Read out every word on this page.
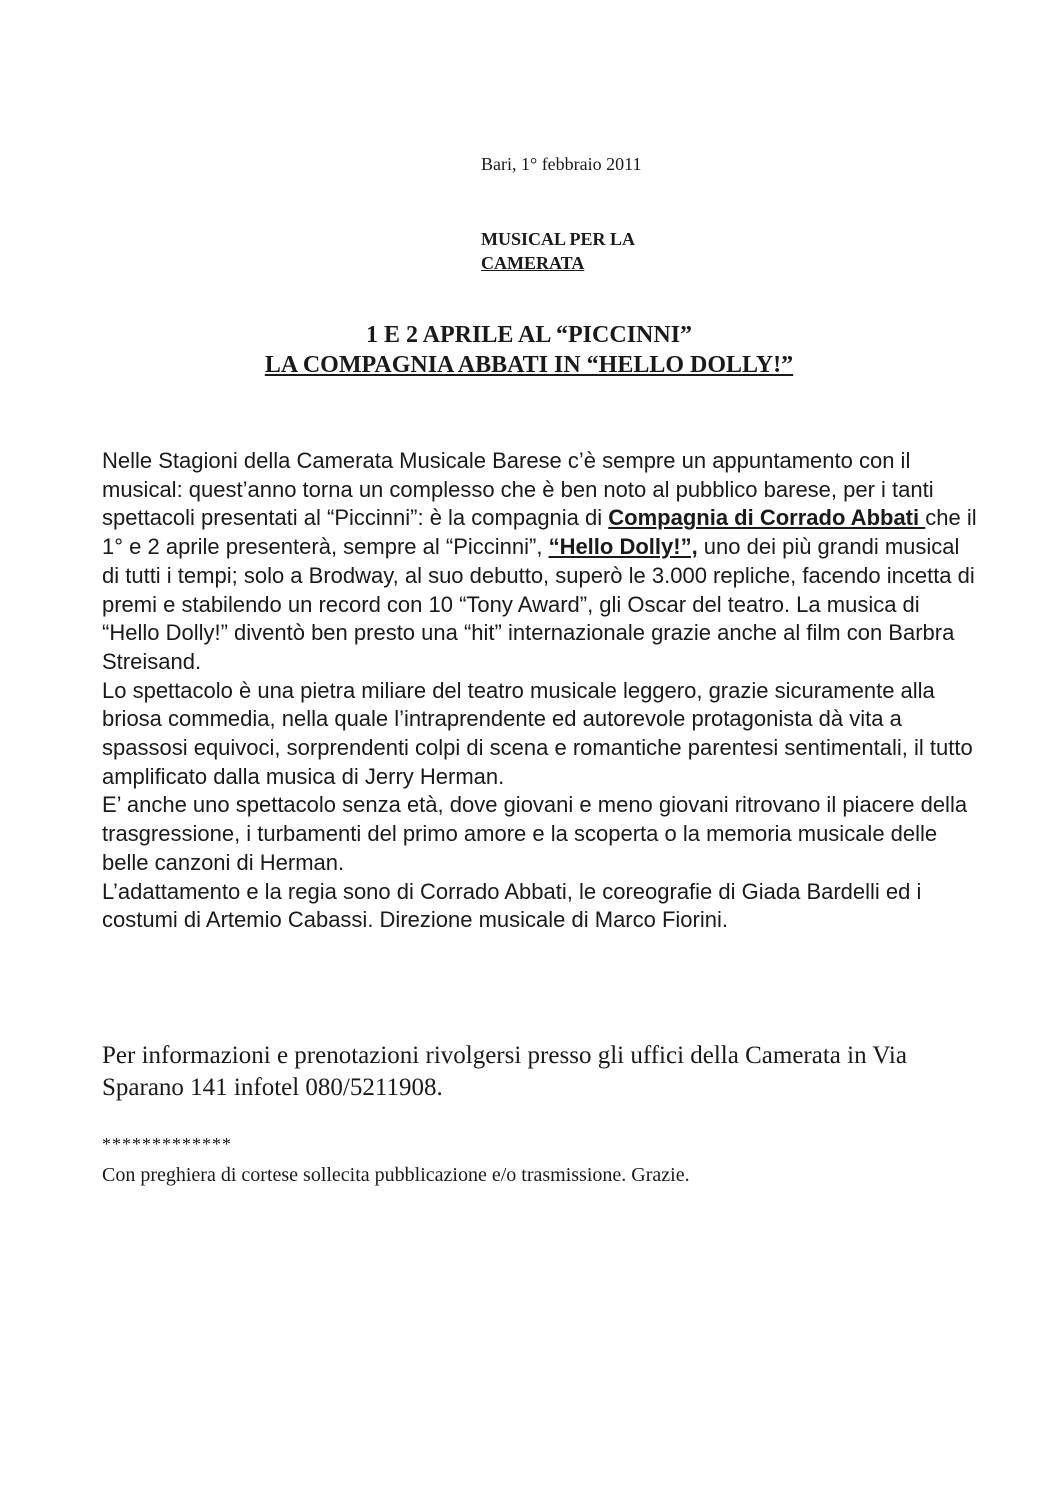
Bari, 1° febbraio 2011
MUSICAL PER LA
CAMERATA
1 E 2 APRILE AL “PICCINNI”
LA COMPAGNIA ABBATI IN “HELLO DOLLY!”

Nelle Stagioni della Camerata Musicale Barese c’è sempre un appuntamento con il musical: quest’anno torna un complesso che è ben noto al pubblico barese, per i tanti spettacoli presentati al “Piccinni”: è la compagnia di Compagnia di Corrado Abbati che il 1° e 2 aprile presenterà, sempre al “Piccinni”, “Hello Dolly!”, uno dei più grandi musical di tutti i tempi; solo a Brodway, al suo debutto, superò le 3.000 repliche, facendo incetta di premi e stabilendo un record con 10 “Tony Award”, gli Oscar del teatro. La musica di “Hello Dolly!” diventò ben presto una “hit” internazionale grazie anche al film con Barbra Streisand.

Lo spettacolo è una pietra miliare del teatro musicale leggero, grazie sicuramente alla briosa commedia, nella quale l’intraprendente ed autorevole protagonista dà vita a spassosi equivoci, sorprendenti colpi di scena e romantiche parentesi sentimentali, il tutto amplificato dalla musica di Jerry Herman.

E’ anche uno spettacolo senza età, dove giovani e meno giovani ritrovano il piacere della trasgressione, i turbamenti del primo amore e la scoperta o la memoria musicale delle belle canzoni di Herman.

L’adattamento e la regia sono di Corrado Abbati, le coreografie di Giada Bardelli ed i costumi di Artemio Cabassi. Direzione musicale di Marco Fiorini.

Per informazioni e prenotazioni rivolgersi presso gli uffici della Camerata in Via Sparano 141 infotel 080/5211908.
*************
Con preghiera di cortese sollecita pubblicazione e/o trasmissione. Grazie.
